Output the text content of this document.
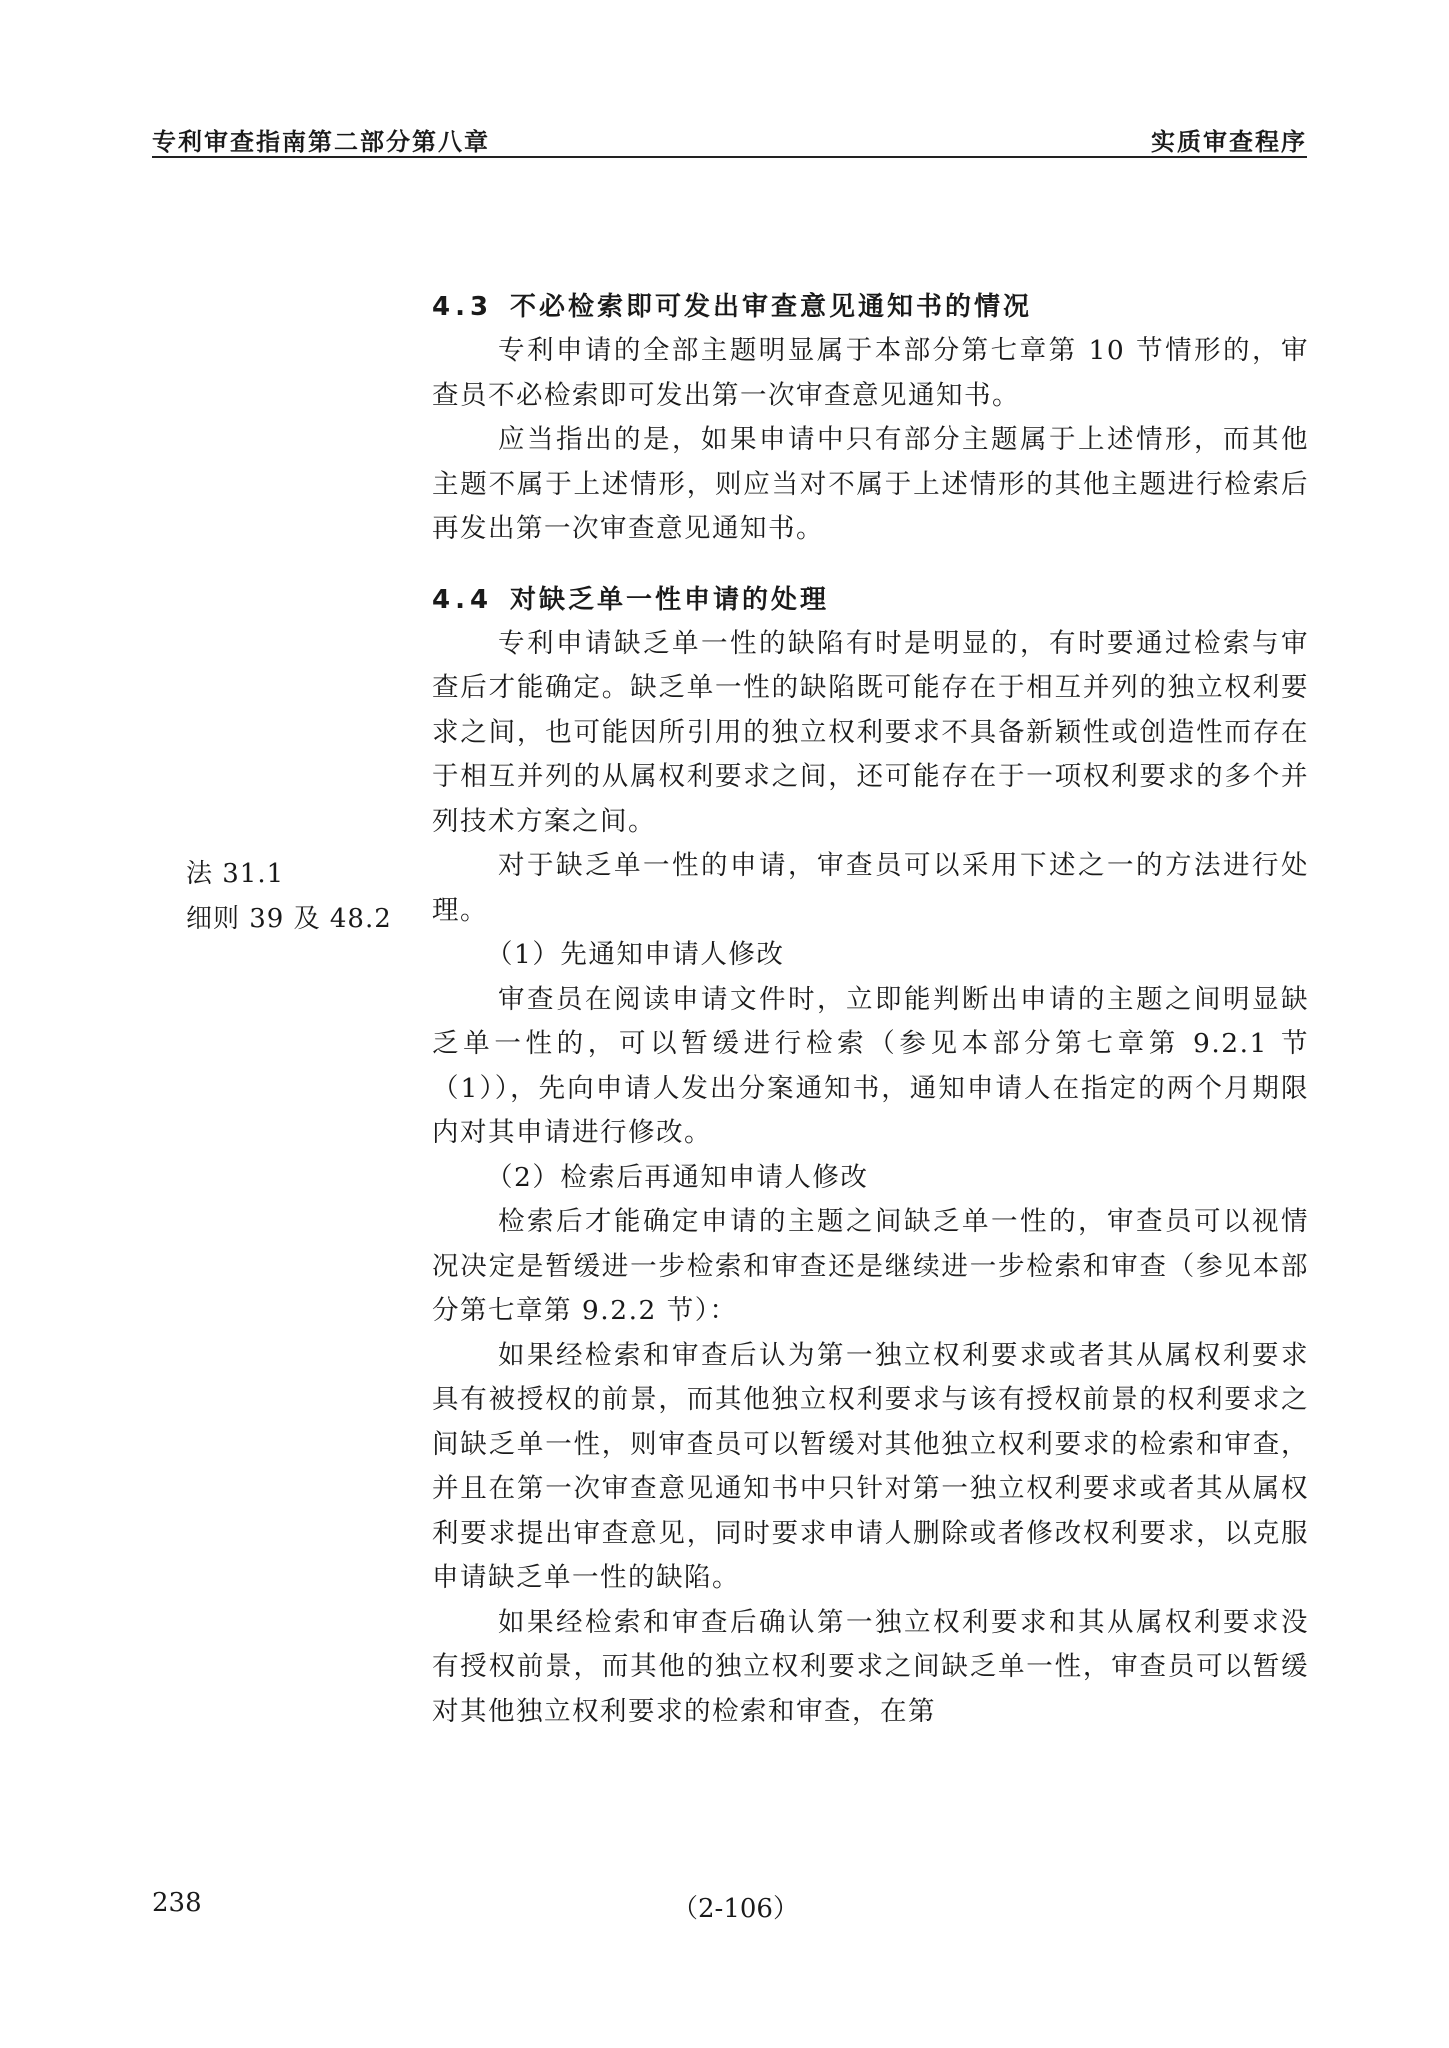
专利审查指南第二部分第八章	实质审查程序
法 31.1
细则 39 及 48.2
4.3 不必检索即可发出审查意见通知书的情况

专利申请的全部主题明显属于本部分第七章第 10 节情形的，审查员不必检索即可发出第一次审查意见通知书。

应当指出的是，如果申请中只有部分主题属于上述情形，而其他主题不属于上述情形，则应当对不属于上述情形的其他主题进行检索后再发出第一次审查意见通知书。

4.4 对缺乏单一性申请的处理

专利申请缺乏单一性的缺陷有时是明显的，有时要通过检索与审查后才能确定。缺乏单一性的缺陷既可能存在于相互并列的独立权利要求之间，也可能因所引用的独立权利要求不具备新颖性或创造性而存在于相互并列的从属权利要求之间，还可能存在于一项权利要求的多个并列技术方案之间。

对于缺乏单一性的申请，审查员可以采用下述之一的方法进行处理。

（1）先通知申请人修改

审查员在阅读申请文件时，立即能判断出申请的主题之间明显缺乏单一性的，可以暂缓进行检索（参见本部分第七章第 9.2.1 节（1）），先向申请人发出分案通知书，通知申请人在指定的两个月期限内对其申请进行修改。

（2）检索后再通知申请人修改

检索后才能确定申请的主题之间缺乏单一性的，审查员可以视情况决定是暂缓进一步检索和审查还是继续进一步检索和审查（参见本部分第七章第 9.2.2 节）：

如果经检索和审查后认为第一独立权利要求或者其从属权利要求具有被授权的前景，而其他独立权利要求与该有授权前景的权利要求之间缺乏单一性，则审查员可以暂缓对其他独立权利要求的检索和审查，并且在第一次审查意见通知书中只针对第一独立权利要求或者其从属权利要求提出审查意见，同时要求申请人删除或者修改权利要求，以克服申请缺乏单一性的缺陷。

如果经检索和审查后确认第一独立权利要求和其从属权利要求没有授权前景，而其他的独立权利要求之间缺乏单一性，审查员可以暂缓对其他独立权利要求的检索和审查，在第

238	（2-106）
